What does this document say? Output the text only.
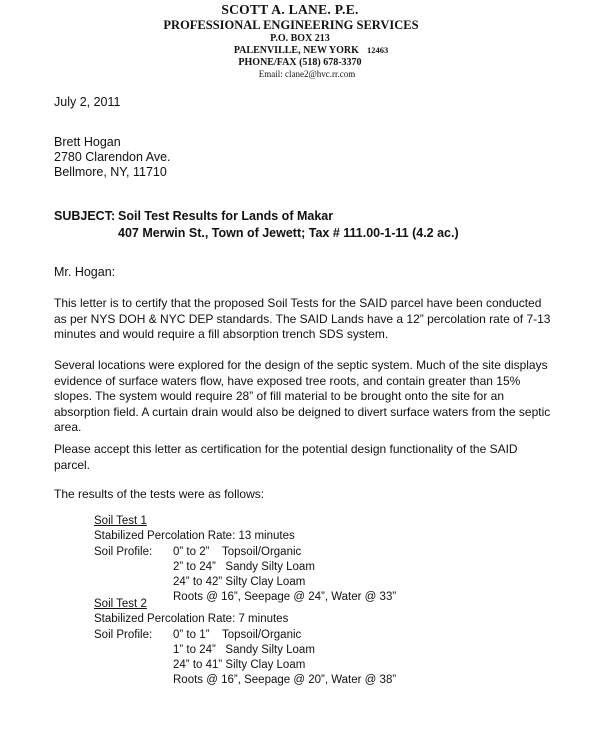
SCOTT A. LANE. P.E.
PROFESSIONAL ENGINEERING SERVICES
P.O. BOX 213
PALENVILLE, NEW YORK 12463
PHONE/FAX (518) 678-3370
Email: clane2@hvc.rr.com
July 2, 2011
Brett Hogan
2780 Clarendon Ave.
Bellmore, NY, 11710
SUBJECT: Soil Test Results for Lands of Makar
407 Merwin St., Town of Jewett; Tax # 111.00-1-11 (4.2 ac.)
Mr. Hogan:
This letter is to certify that the proposed Soil Tests for the SAID parcel have been conducted as per NYS DOH & NYC DEP standards. The SAID Lands have a 12” percolation rate of 7-13 minutes and would require a fill absorption trench SDS system.
Several locations were explored for the design of the septic system. Much of the site displays evidence of surface waters flow, have exposed tree roots, and contain greater than 15% slopes. The system would require 28” of fill material to be brought onto the site for an absorption field. A curtain drain would also be deigned to divert surface waters from the septic area.
Please accept this letter as certification for the potential design functionality of the SAID parcel.
The results of the tests were as follows:
Soil Test 1
Stabilized Percolation Rate: 13 minutes
Soil Profile:	0” to 2”    Topsoil/Organic
2” to 24”   Sandy Silty Loam
24” to 42” Silty Clay Loam
Roots @ 16”, Seepage @ 24”, Water @ 33”
Soil Test 2
Stabilized Percolation Rate: 7 minutes
Soil Profile:	0” to 1”    Topsoil/Organic
1” to 24”   Sandy Silty Loam
24” to 41” Silty Clay Loam
Roots @ 16”, Seepage @ 20”, Water @ 38”
